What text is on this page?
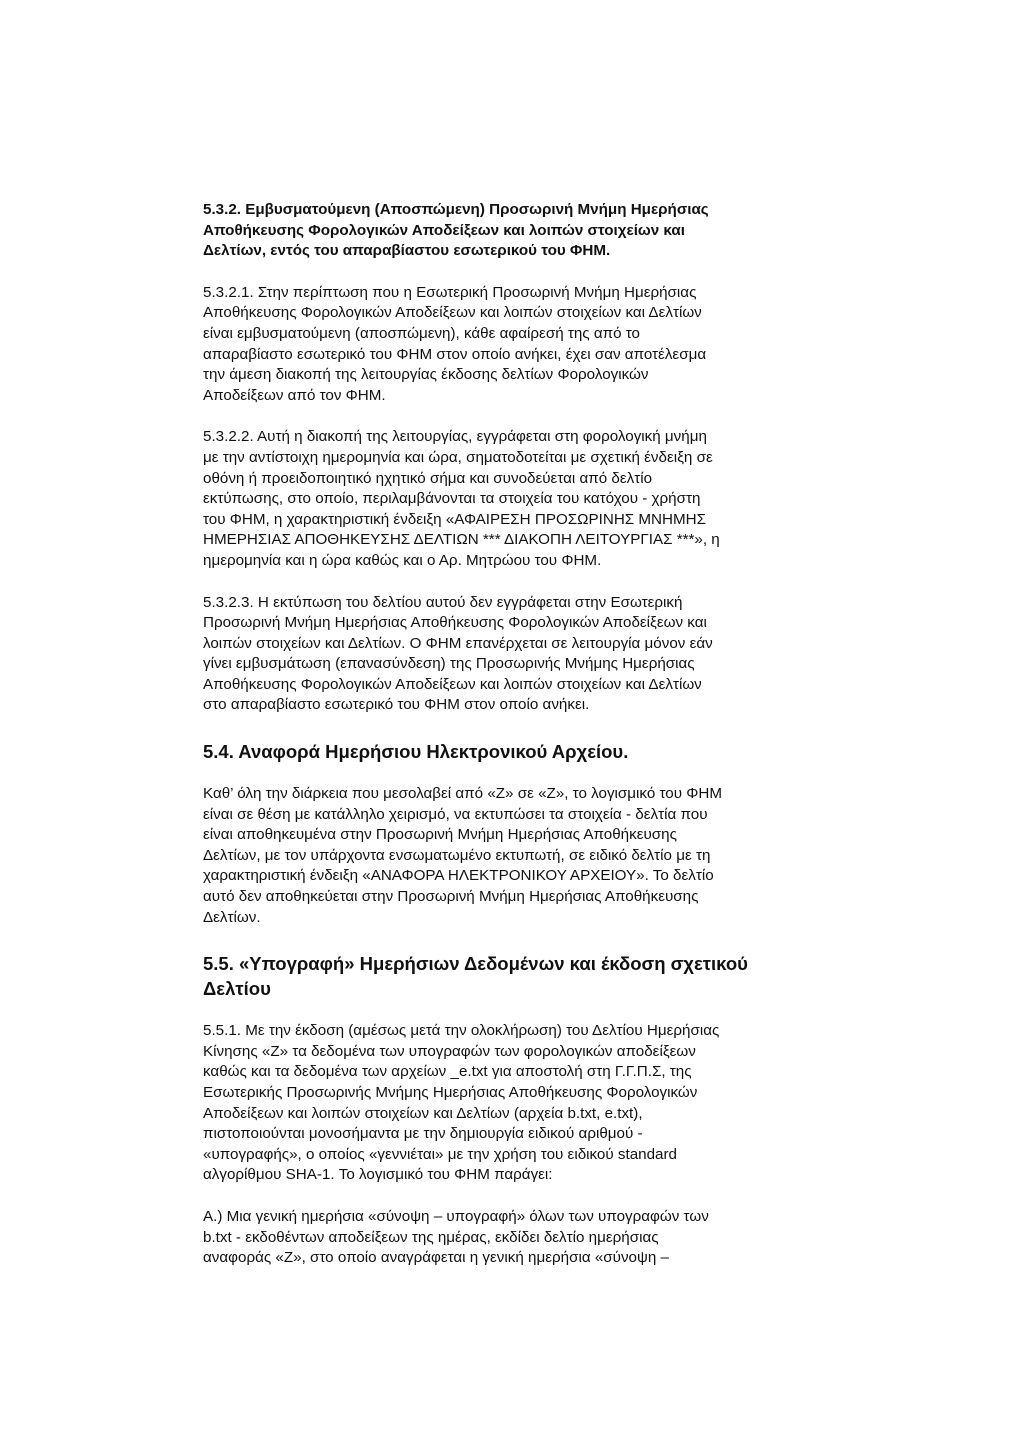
5.3.2. Εμβυσματούμενη (Αποσπώμενη) Προσωρινή Μνήμη Ημερήσιας
Αποθήκευσης Φορολογικών Αποδείξεων και λοιπών στοιχείων και
Δελτίων, εντός του απαραβίαστου εσωτερικού του ΦΗΜ.

5.3.2.1. Στην περίπτωση που η Εσωτερική Προσωρινή Μνήμη Ημερήσιας
Αποθήκευσης Φορολογικών Αποδείξεων και λοιπών στοιχείων και Δελτίων
είναι εμβυσματούμενη (αποσπώμενη), κάθε αφαίρεσή της από το
απαραβίαστο εσωτερικό του ΦΗΜ στον οποίο ανήκει, έχει σαν αποτέλεσμα
την άμεση διακοπή της λειτουργίας έκδοσης δελτίων Φορολογικών
Αποδείξεων από τον ΦΗΜ.

5.3.2.2. Αυτή η διακοπή της λειτουργίας, εγγράφεται στη φορολογική μνήμη
με την αντίστοιχη ημερομηνία και ώρα, σηματοδοτείται με σχετική ένδειξη σε
οθόνη ή προειδοποιητικό ηχητικό σήμα και συνοδεύεται από δελτίο
εκτύπωσης, στο οποίο, περιλαμβάνονται τα στοιχεία του κατόχου - χρήστη
του ΦΗΜ, η χαρακτηριστική ένδειξη «ΑΦΑΙΡΕΣΗ ΠΡΟΣΩΡΙΝΗΣ ΜΝΗΜΗΣ
ΗΜΕΡΗΣΙΑΣ ΑΠΟΘΗΚΕΥΣΗΣ ΔΕΛΤΙΩΝ *** ΔΙΑΚΟΠΗ ΛΕΙΤΟΥΡΓΙΑΣ ***», η
ημερομηνία και η ώρα καθώς και ο Αρ. Μητρώου του ΦΗΜ.

5.3.2.3. Η εκτύπωση του δελτίου αυτού δεν εγγράφεται στην Εσωτερική
Προσωρινή Μνήμη Ημερήσιας Αποθήκευσης Φορολογικών Αποδείξεων και
λοιπών στοιχείων και Δελτίων. Ο ΦΗΜ επανέρχεται σε λειτουργία μόνον εάν
γίνει εμβυσμάτωση (επανασύνδεση) της Προσωρινής Μνήμης Ημερήσιας
Αποθήκευσης Φορολογικών Αποδείξεων και λοιπών στοιχείων και Δελτίων
στο απαραβίαστο εσωτερικό του ΦΗΜ στον οποίο ανήκει.

5.4. Αναφορά Ημερήσιου Ηλεκτρονικού Αρχείου.

Καθ’ όλη την διάρκεια που μεσολαβεί από «Ζ» σε «Ζ», το λογισμικό του ΦΗΜ
είναι σε θέση με κατάλληλο χειρισμό, να εκτυπώσει τα στοιχεία - δελτία που
είναι αποθηκευμένα στην Προσωρινή Μνήμη Ημερήσιας Αποθήκευσης
Δελτίων, με τον υπάρχοντα ενσωματωμένο εκτυπωτή, σε ειδικό δελτίο με τη
χαρακτηριστική ένδειξη «ΑΝΑΦΟΡΑ ΗΛΕΚΤΡΟΝΙΚΟΥ ΑΡΧΕΙΟΥ». Το δελτίο
αυτό δεν αποθηκεύεται στην Προσωρινή Μνήμη Ημερήσιας Αποθήκευσης
Δελτίων.

5.5. «Υπογραφή» Ημερήσιων Δεδομένων και έκδοση σχετικού
Δελτίου

5.5.1. Με την έκδοση (αμέσως μετά την ολοκλήρωση) του Δελτίου Ημερήσιας
Κίνησης «Ζ» τα δεδομένα των υπογραφών των φορολογικών αποδείξεων
καθώς και τα δεδομένα των αρχείων _e.txt για αποστολή στη Γ.Γ.Π.Σ, της
Εσωτερικής Προσωρινής Μνήμης Ημερήσιας Αποθήκευσης Φορολογικών
Αποδείξεων και λοιπών στοιχείων και Δελτίων (αρχεία b.txt, e.txt),
πιστοποιούνται μονοσήμαντα με την δημιουργία ειδικού αριθμού -
«υπογραφής», ο οποίος «γεννιέται» με την χρήση του ειδικού standard
αλγορίθμου SHA-1. Το λογισμικό του ΦΗΜ παράγει:

Α.) Μια γενική ημερήσια «σύνοψη – υπογραφή» όλων των υπογραφών των
b.txt - εκδοθέντων αποδείξεων της ημέρας, εκδίδει δελτίο ημερήσιας
αναφοράς «Ζ», στο οποίο αναγράφεται η γενική ημερήσια «σύνοψη –
